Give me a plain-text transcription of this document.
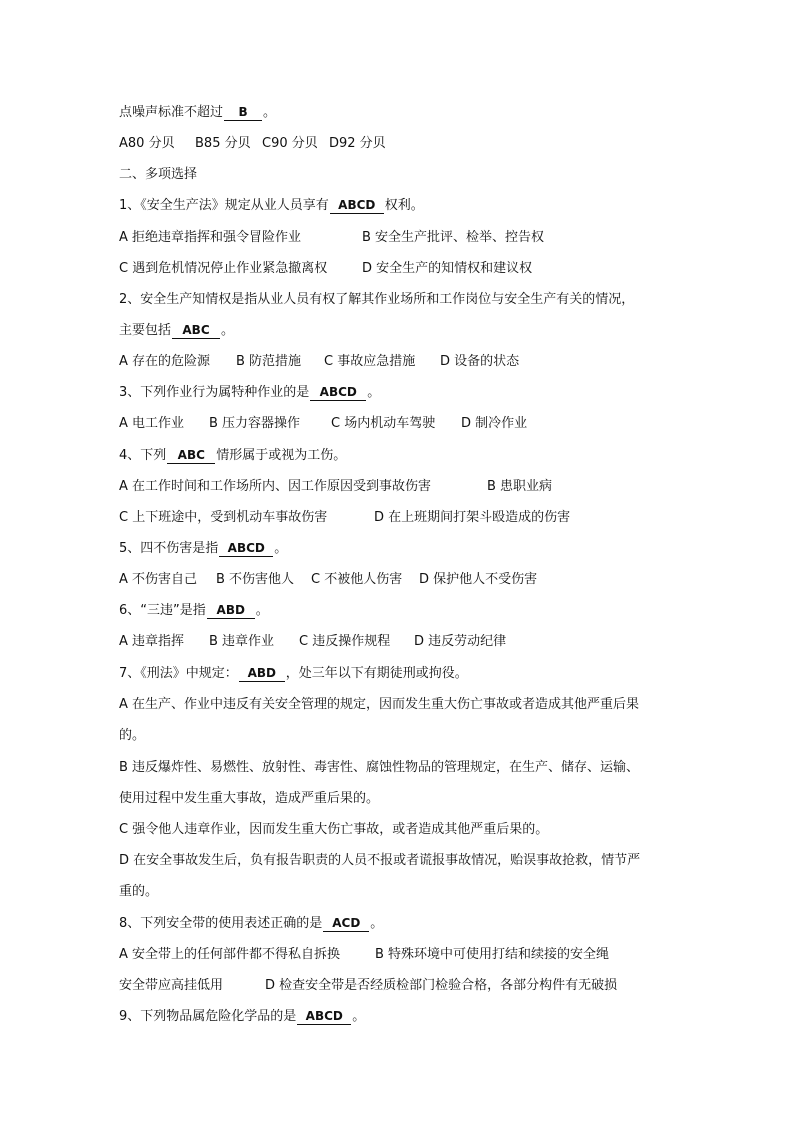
点噪声标准不超过 B 。
A80 分贝 B85 分贝 C90 分贝 D92 分贝
二、多项选择
1、《安全生产法》规定从业人员享有 ABCD 权利。
A 拒绝违章指挥和强令冒险作业	B 安全生产批评、检举、控告权
C 遇到危机情况停止作业紧急撤离权	D 安全生产的知情权和建议权
2、安全生产知情权是指从业人员有权了解其作业场所和工作岗位与安全生产有关的情况，
主要包括 ABC 。
A 存在的危险源 B 防范措施 C 事故应急措施 D 设备的状态
3、下列作业行为属特种作业的是 ABCD 。
A 电工作业 B 压力容器操作 C 场内机动车驾驶 D 制冷作业
4、下列 ABC 情形属于或视为工伤。
A 在工作时间和工作场所内、因工作原因受到事故伤害	B 患职业病
C 上下班途中，受到机动车事故伤害	D 在上班期间打架斗殴造成的伤害
5、四不伤害是指 ABCD 。
A 不伤害自己 B 不伤害他人 C 不被他人伤害 D 保护他人不受伤害
6、“三违”是指 ABD 。
A 违章指挥 B 违章作业 C 违反操作规程 D 违反劳动纪律
7、《刑法》中规定： ABD ，处三年以下有期徒刑或拘役。
A 在生产、作业中违反有关安全管理的规定，因而发生重大伤亡事故或者造成其他严重后果
的。
B 违反爆炸性、易燃性、放射性、毒害性、腐蚀性物品的管理规定，在生产、储存、运输、
使用过程中发生重大事故，造成严重后果的。
C 强令他人违章作业，因而发生重大伤亡事故，或者造成其他严重后果的。
D 在安全事故发生后，负有报告职责的人员不报或者谎报事故情况，贻误事故抢救，情节严
重的。
8、下列安全带的使用表述正确的是 ACD 。
A 安全带上的任何部件都不得私自拆换	B 特殊环境中可使用打结和续接的安全绳
安全带应高挂低用	D 检查安全带是否经质检部门检验合格，各部分构件有无破损
9、下列物品属危险化学品的是 ABCD 。
